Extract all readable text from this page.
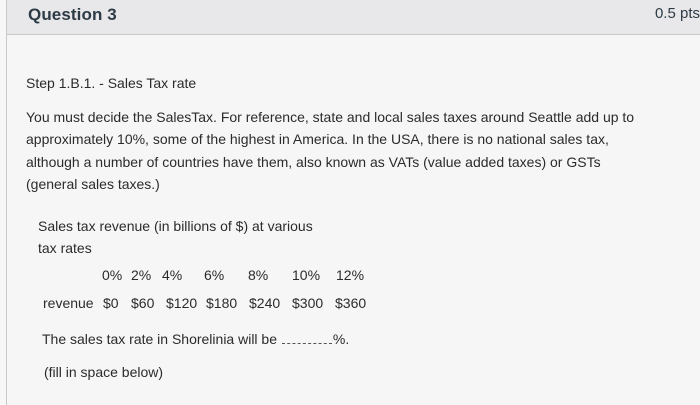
Question 3	0.5 pts
Step 1.B.1. - Sales Tax rate
You must decide the SalesTax. For reference, state and local sales taxes around Seattle add up to
approximately 10%, some of the highest in America. In the USA, there is no national sales tax,
although a number of countries have them, also known as VATs (value added taxes) or GSTs
(general sales taxes.)
Sales tax revenue (in billions of $) at various
tax rates
0% 2% 4% 6% 8% 10% 12%
revenue $0 $60 $120 $180 $240 $300 $360
The sales tax rate in Shorelinia will be	%.
(fill in space below)
